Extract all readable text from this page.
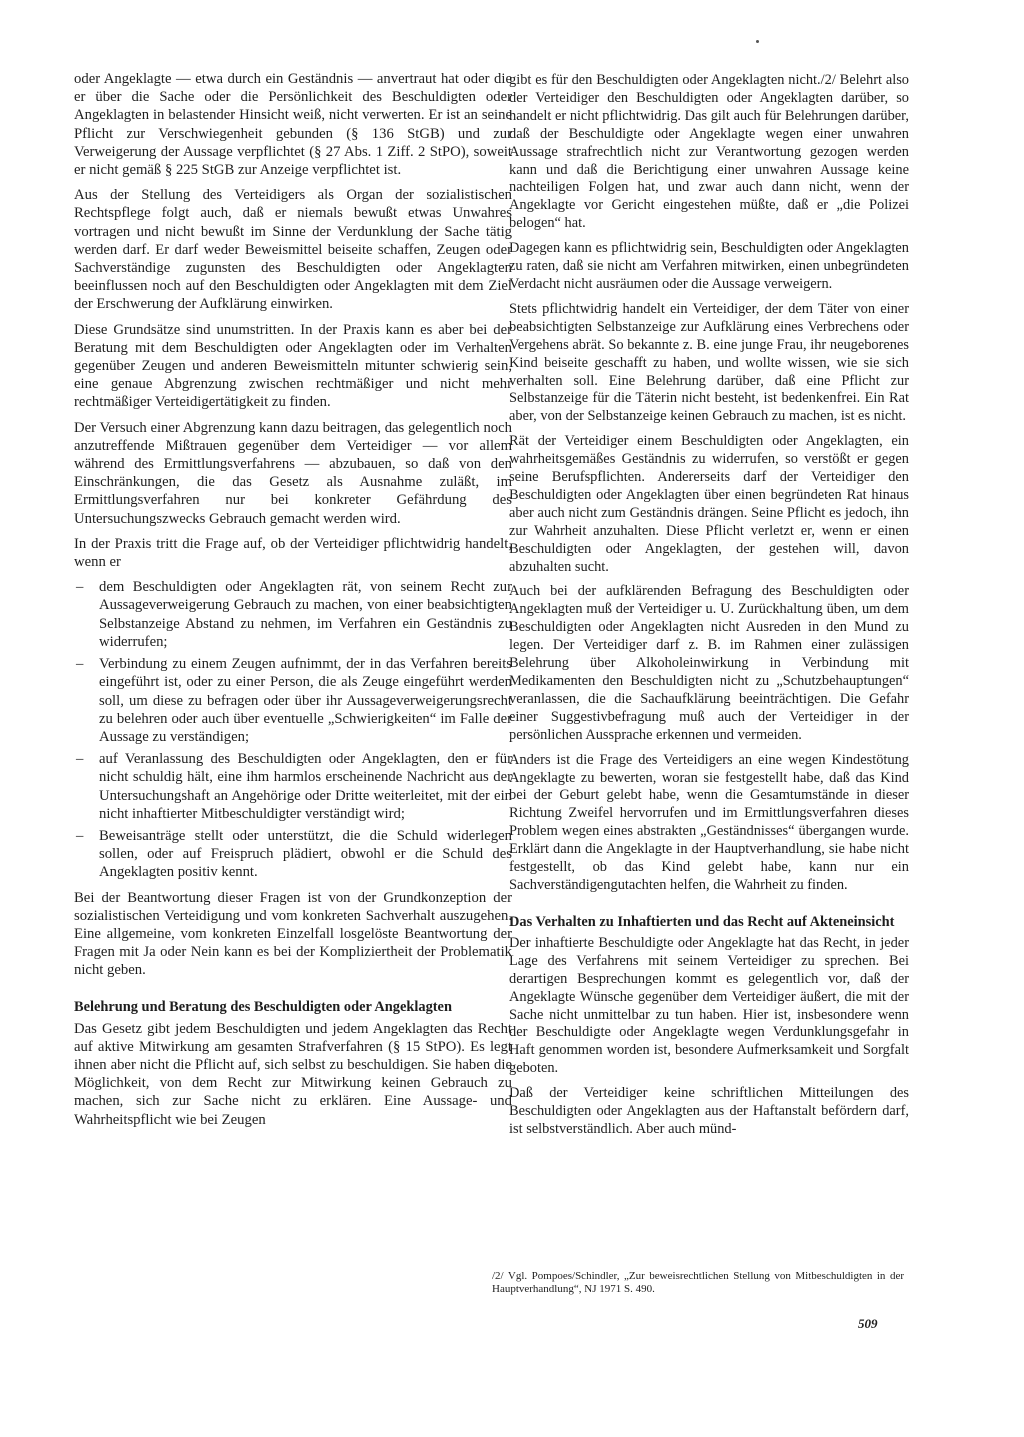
oder Angeklagte — etwa durch ein Geständnis — anvertraut hat oder die er über die Sache oder die Persönlichkeit des Beschuldigten oder Angeklagten in belastender Hinsicht weiß, nicht verwerten. Er ist an seine Pflicht zur Verschwiegenheit gebunden (§ 136 StGB) und zur Verweigerung der Aussage verpflichtet (§ 27 Abs. 1 Ziff. 2 StPO), soweit er nicht gemäß § 225 StGB zur Anzeige verpflichtet ist.

Aus der Stellung des Verteidigers als Organ der sozialistischen Rechtspflege folgt auch, daß er niemals bewußt etwas Unwahres vortragen und nicht bewußt im Sinne der Verdunklung der Sache tätig werden darf. Er darf weder Beweismittel beiseite schaffen, Zeugen oder Sachverständige zugunsten des Beschuldigten oder Angeklagten beeinflussen noch auf den Beschuldigten oder Angeklagten mit dem Ziel der Erschwerung der Aufklärung einwirken.

Diese Grundsätze sind unumstritten. In der Praxis kann es aber bei der Beratung mit dem Beschuldigten oder Angeklagten oder im Verhalten gegenüber Zeugen und anderen Beweismitteln mitunter schwierig sein, eine genaue Abgrenzung zwischen rechtmäßiger und nicht mehr rechtmäßiger Verteidigertätigkeit zu finden.

Der Versuch einer Abgrenzung kann dazu beitragen, das gelegentlich noch anzutreffende Mißtrauen gegenüber dem Verteidiger — vor allem während des Ermittlungsverfahrens — abzubauen, so daß von den Einschränkungen, die das Gesetz als Ausnahme zuläßt, im Ermittlungsverfahren nur bei konkreter Gefährdung des Untersuchungszwecks Gebrauch gemacht werden wird.

In der Praxis tritt die Frage auf, ob der Verteidiger pflichtwidrig handelt, wenn er

– dem Beschuldigten oder Angeklagten rät, von seinem Recht zur Aussageverweigerung Gebrauch zu machen, von einer beabsichtigten Selbstanzeige Abstand zu nehmen, im Verfahren ein Geständnis zu widerrufen;
– Verbindung zu einem Zeugen aufnimmt, der in das Verfahren bereits eingeführt ist, oder zu einer Person, die als Zeuge eingeführt werden soll, um diese zu befragen oder über ihr Aussageverweigerungsrecht zu belehren oder auch über eventuelle „Schwierigkeiten“ im Falle der Aussage zu verständigen;
– auf Veranlassung des Beschuldigten oder Angeklagten, den er für nicht schuldig hält, eine ihm harmlos erscheinende Nachricht aus der Untersuchungshaft an Angehörige oder Dritte weiterleitet, mit der ein nicht inhaftierter Mitbeschuldigter verständigt wird;
– Beweisanträge stellt oder unterstützt, die die Schuld widerlegen sollen, oder auf Freispruch plädiert, obwohl er die Schuld des Angeklagten positiv kennt.

Bei der Beantwortung dieser Fragen ist von der Grundkonzeption der sozialistischen Verteidigung und vom konkreten Sachverhalt auszugehen. Eine allgemeine, vom konkreten Einzelfall losgelöste Beantwortung der Fragen mit Ja oder Nein kann es bei der Kompliziertheit der Problematik nicht geben.

Belehrung und Beratung des Beschuldigten oder Angeklagten

Das Gesetz gibt jedem Beschuldigten und jedem Angeklagten das Recht auf aktive Mitwirkung am gesamten Strafverfahren (§ 15 StPO). Es legt ihnen aber nicht die Pflicht auf, sich selbst zu beschuldigen. Sie haben die Möglichkeit, von dem Recht zur Mitwirkung keinen Gebrauch zu machen, sich zur Sache nicht zu erklären. Eine Aussage- und Wahrheitspflicht wie bei Zeugen

gibt es für den Beschuldigten oder Angeklagten nicht./2/ Belehrt also der Verteidiger den Beschuldigten oder Angeklagten darüber, so handelt er nicht pflichtwidrig. Das gilt auch für Belehrungen darüber, daß der Beschuldigte oder Angeklagte wegen einer unwahren Aussage strafrechtlich nicht zur Verantwortung gezogen werden kann und daß die Berichtigung einer unwahren Aussage keine nachteiligen Folgen hat, und zwar auch dann nicht, wenn der Angeklagte vor Gericht eingestehen müßte, daß er „die Polizei belogen“ hat.

Dagegen kann es pflichtwidrig sein, Beschuldigten oder Angeklagten zu raten, daß sie nicht am Verfahren mitwirken, einen unbegründeten Verdacht nicht ausräumen oder die Aussage verweigern.

Stets pflichtwidrig handelt ein Verteidiger, der dem Täter von einer beabsichtigten Selbstanzeige zur Aufklärung eines Verbrechens oder Vergehens abrät. So bekannte z. B. eine junge Frau, ihr neugeborenes Kind beiseite geschafft zu haben, und wollte wissen, wie sie sich verhalten soll. Eine Belehrung darüber, daß eine Pflicht zur Selbstanzeige für die Täterin nicht besteht, ist bedenkenfrei. Ein Rat aber, von der Selbstanzeige keinen Gebrauch zu machen, ist es nicht.

Rät der Verteidiger einem Beschuldigten oder Angeklagten, ein wahrheitsgemäßes Geständnis zu widerrufen, so verstößt er gegen seine Berufspflichten. Andererseits darf der Verteidiger den Beschuldigten oder Angeklagten über einen begründeten Rat hinaus aber auch nicht zum Geständnis drängen. Seine Pflicht es jedoch, ihn zur Wahrheit anzuhalten. Diese Pflicht verletzt er, wenn er einen Beschuldigten oder Angeklagten, der gestehen will, davon abzuhalten sucht.

Auch bei der aufklärenden Befragung des Beschuldigten oder Angeklagten muß der Verteidiger u. U. Zurückhaltung üben, um dem Beschuldigten oder Angeklagten nicht Ausreden in den Mund zu legen. Der Verteidiger darf z. B. im Rahmen einer zulässigen Belehrung über Alkoholeinwirkung in Verbindung mit Medikamenten den Beschuldigten nicht zu „Schutzbehauptungen“ veranlassen, die die Sachaufklärung beeinträchtigen. Die Gefahr einer Suggestivbefragung muß auch der Verteidiger in der persönlichen Aussprache erkennen und vermeiden.

Anders ist die Frage des Verteidigers an eine wegen Kindestötung Angeklagte zu bewerten, woran sie festgestellt habe, daß das Kind bei der Geburt gelebt habe, wenn die Gesamtumstände in dieser Richtung Zweifel hervorrufen und im Ermittlungsverfahren dieses Problem wegen eines abstrakten „Geständnisses“ übergangen wurde. Erklärt dann die Angeklagte in der Hauptverhandlung, sie habe nicht festgestellt, ob das Kind gelebt habe, kann nur ein Sachverständigengutachten helfen, die Wahrheit zu finden.

Das Verhalten zu Inhaftierten und das Recht auf Akteneinsicht

Der inhaftierte Beschuldigte oder Angeklagte hat das Recht, in jeder Lage des Verfahrens mit seinem Verteidiger zu sprechen. Bei derartigen Besprechungen kommt es gelegentlich vor, daß der Angeklagte Wünsche gegenüber dem Verteidiger äußert, die mit der Sache nicht unmittelbar zu tun haben. Hier ist, insbesondere wenn der Beschuldigte oder Angeklagte wegen Verdunklungsgefahr in Haft genommen worden ist, besondere Aufmerksamkeit und Sorgfalt geboten.

Daß der Verteidiger keine schriftlichen Mitteilungen des Beschuldigten oder Angeklagten aus der Haftanstalt befördern darf, ist selbstverständlich. Aber auch münd-

/2/ Vgl. Pompoes/Schindler, „Zur beweisrechtlichen Stellung von Mitbeschuldigten in der Hauptverhandlung“, NJ 1971 S. 490.
509
